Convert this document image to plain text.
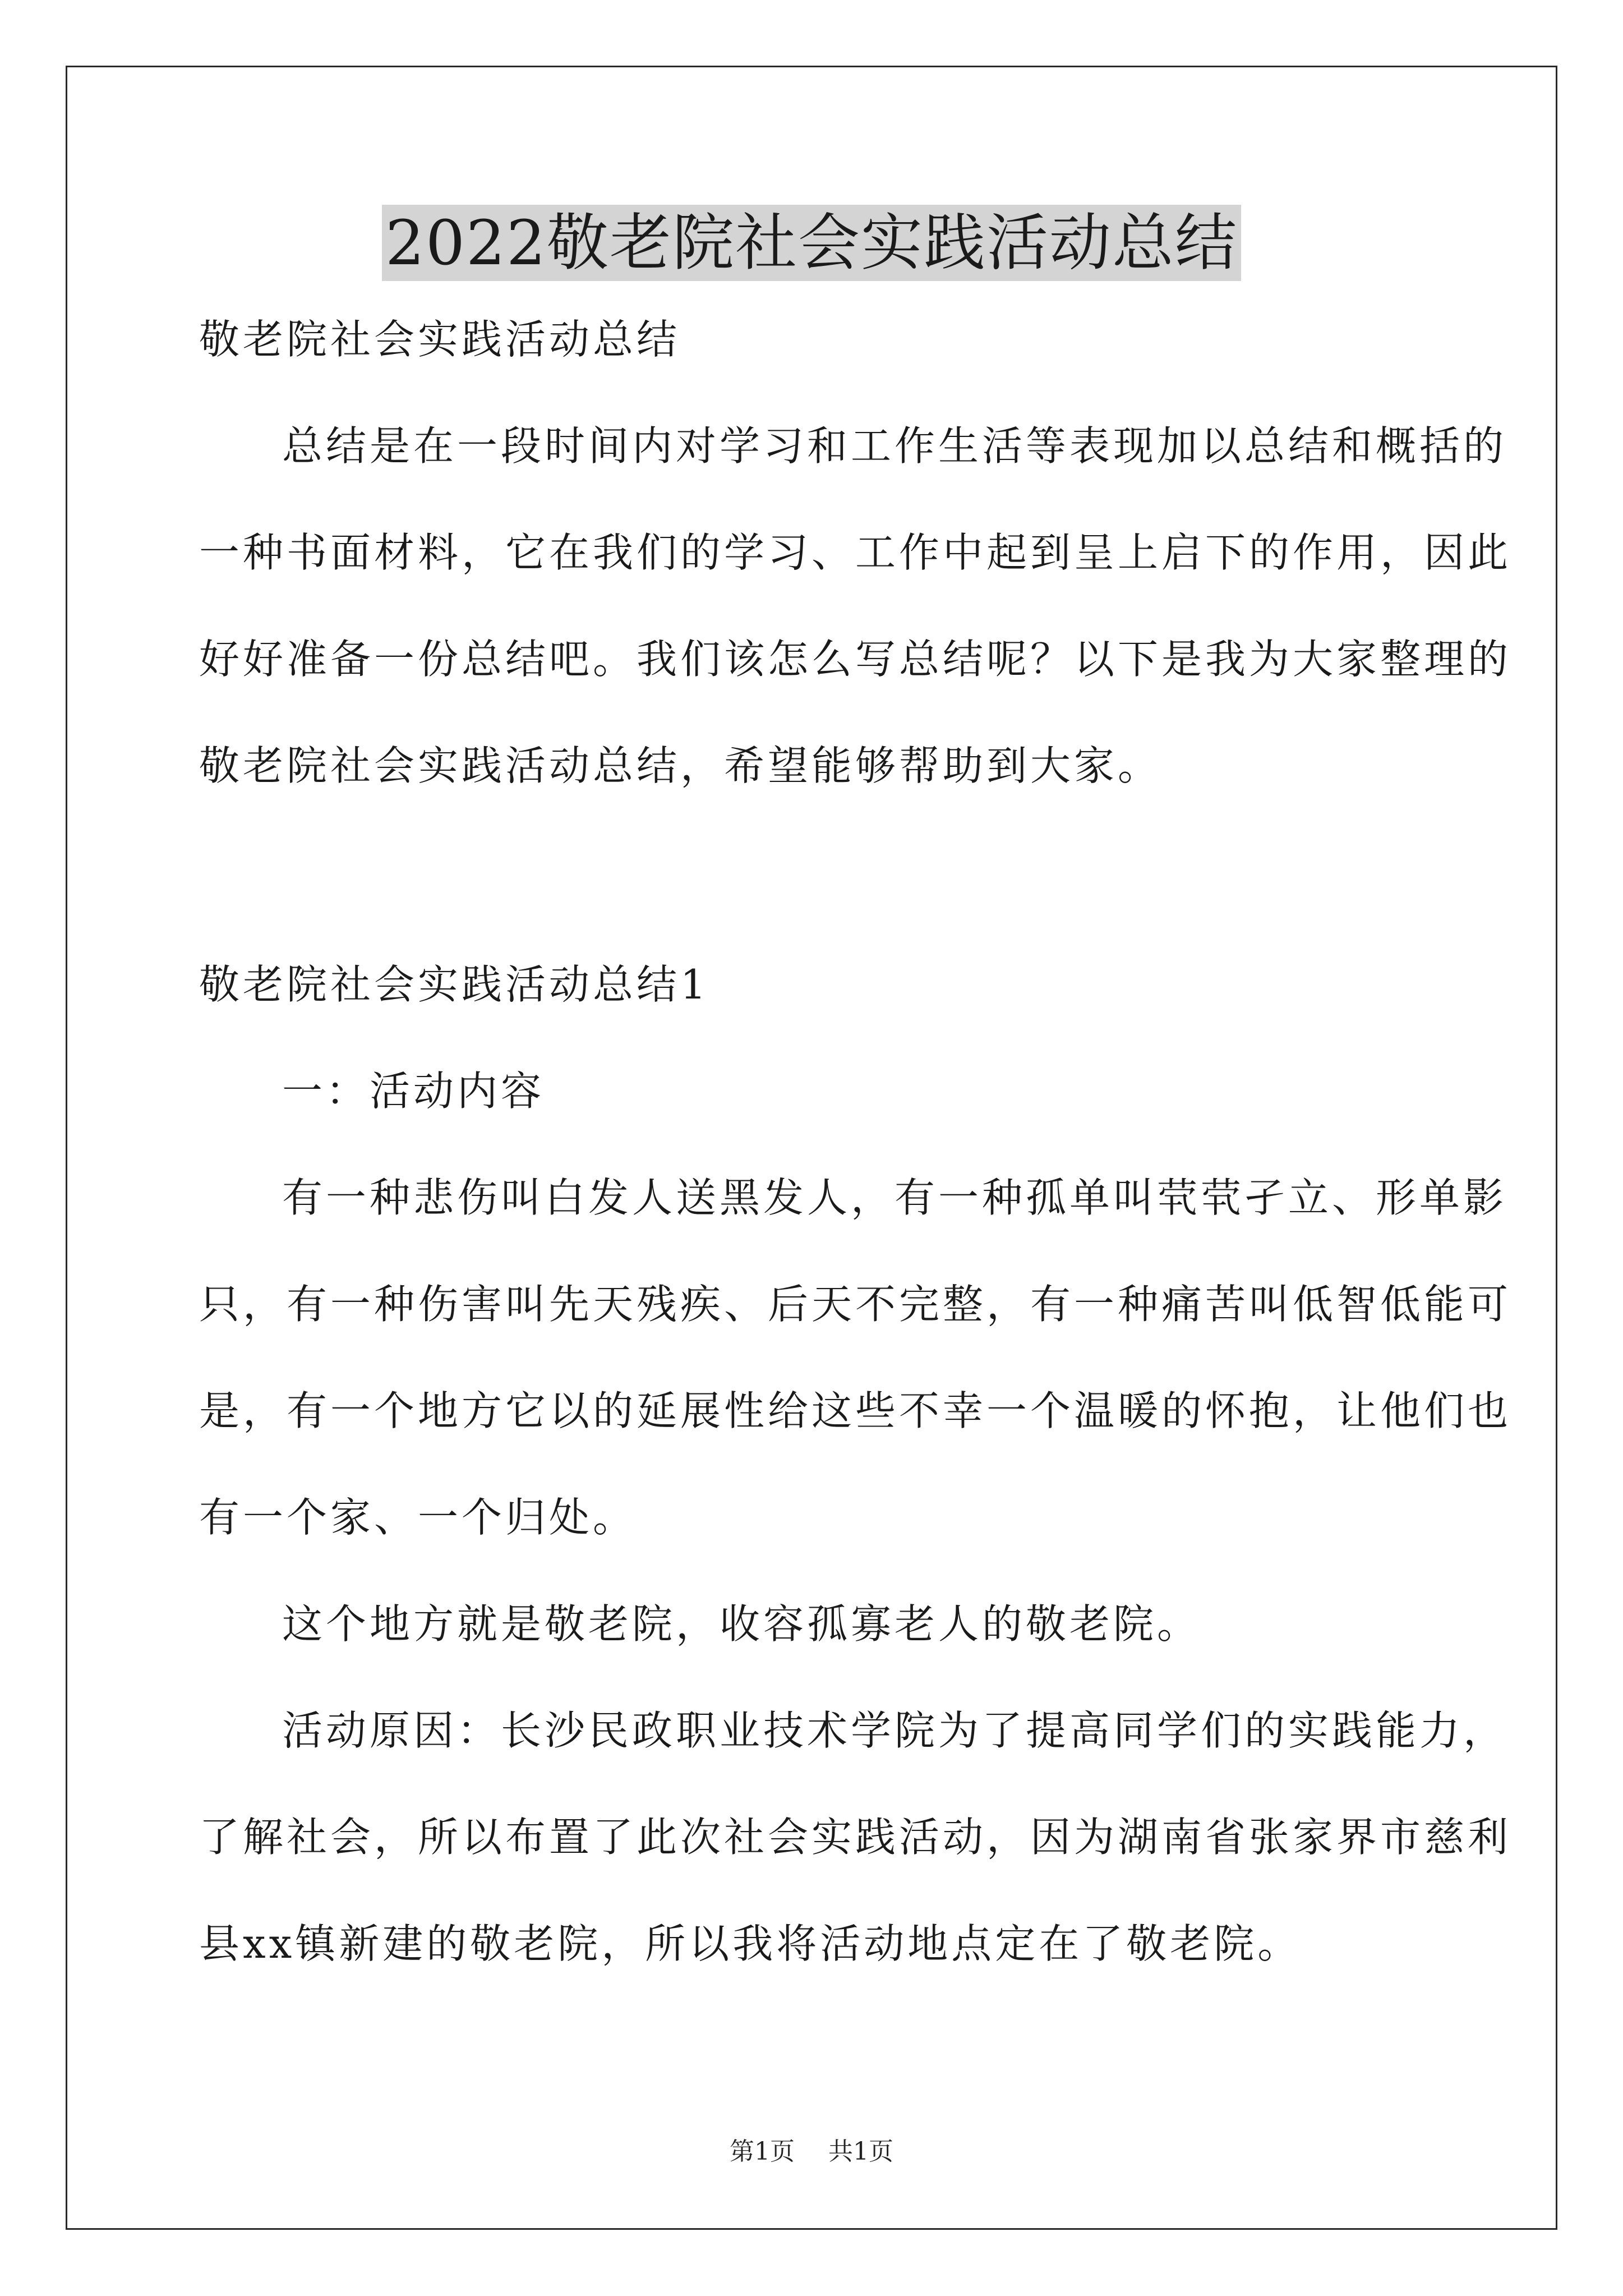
2022敬老院社会实践活动总结
敬老院社会实践活动总结
总结是在一段时间内对学习和工作生活等表现加以总结和概括的
一种书面材料，它在我们的学习、工作中起到呈上启下的作用，因此
好好准备一份总结吧。我们该怎么写总结呢？以下是我为大家整理的
敬老院社会实践活动总结，希望能够帮助到大家。
敬老院社会实践活动总结1
一：活动内容
有一种悲伤叫白发人送黑发人，有一种孤单叫茕茕孑立、形单影
只，有一种伤害叫先天残疾、后天不完整，有一种痛苦叫低智低能可
是，有一个地方它以的延展性给这些不幸一个温暖的怀抱，让他们也
有一个家、一个归处。
这个地方就是敬老院，收容孤寡老人的敬老院。
活动原因：长沙民政职业技术学院为了提高同学们的实践能力，
了解社会，所以布置了此次社会实践活动，因为湖南省张家界市慈利
县xx镇新建的敬老院，所以我将活动地点定在了敬老院。
第1页 共1页
